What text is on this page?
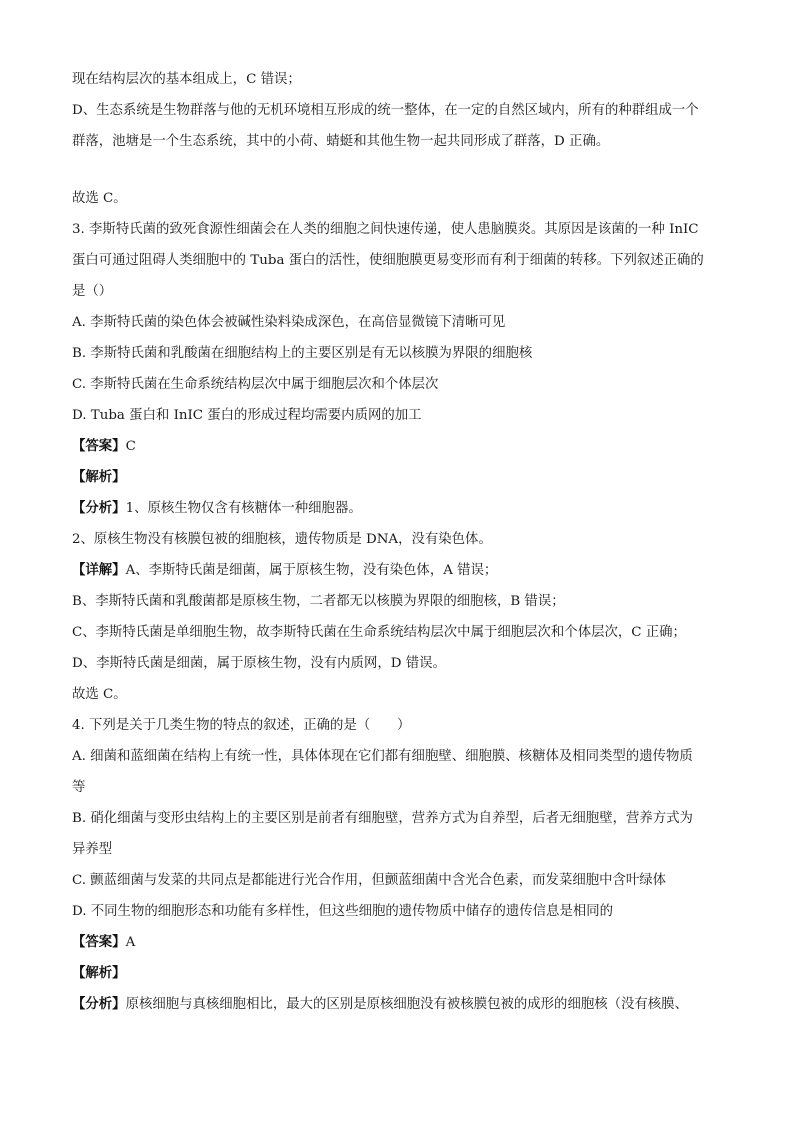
现在结构层次的基本组成上，C 错误；
D、生态系统是生物群落与他的无机环境相互形成的统一整体，在一定的自然区域内，所有的种群组成一个
群落，池塘是一个生态系统，其中的小荷、蜻蜓和其他生物一起共同形成了群落，D 正确。
故选 C。
3. 李斯特氏菌的致死食源性细菌会在人类的细胞之间快速传递，使人患脑膜炎。其原因是该菌的一种 InIC
蛋白可通过阻碍人类细胞中的 Tuba 蛋白的活性，使细胞膜更易变形而有利于细菌的转移。下列叙述正确的
是（）
A. 李斯特氏菌的染色体会被碱性染料染成深色，在高倍显微镜下清晰可见
B. 李斯特氏菌和乳酸菌在细胞结构上的主要区别是有无以核膜为界限的细胞核
C. 李斯特氏菌在生命系统结构层次中属于细胞层次和个体层次
D. Tuba 蛋白和 InIC 蛋白的形成过程均需要内质网的加工
【答案】C
【解析】
【分析】1、原核生物仅含有核糖体一种细胞器。
2、原核生物没有核膜包被的细胞核，遗传物质是 DNA，没有染色体。
【详解】A、李斯特氏菌是细菌，属于原核生物，没有染色体，A 错误；
B、李斯特氏菌和乳酸菌都是原核生物，二者都无以核膜为界限的细胞核，B 错误；
C、李斯特氏菌是单细胞生物，故李斯特氏菌在生命系统结构层次中属于细胞层次和个体层次，C 正确；
D、李斯特氏菌是细菌，属于原核生物，没有内质网，D 错误。
故选 C。
4. 下列是关于几类生物的特点的叙述，正确的是（　　）
A. 细菌和蓝细菌在结构上有统一性，具体体现在它们都有细胞壁、细胞膜、核糖体及相同类型的遗传物质
等
B. 硝化细菌与变形虫结构上的主要区别是前者有细胞壁，营养方式为自养型，后者无细胞壁，营养方式为
异养型
C. 颤蓝细菌与发菜的共同点是都能进行光合作用，但颤蓝细菌中含光合色素，而发菜细胞中含叶绿体
D. 不同生物的细胞形态和功能有多样性，但这些细胞的遗传物质中储存的遗传信息是相同的
【答案】A
【解析】
【分析】原核细胞与真核细胞相比，最大的区别是原核细胞没有被核膜包被的成形的细胞核（没有核膜、
